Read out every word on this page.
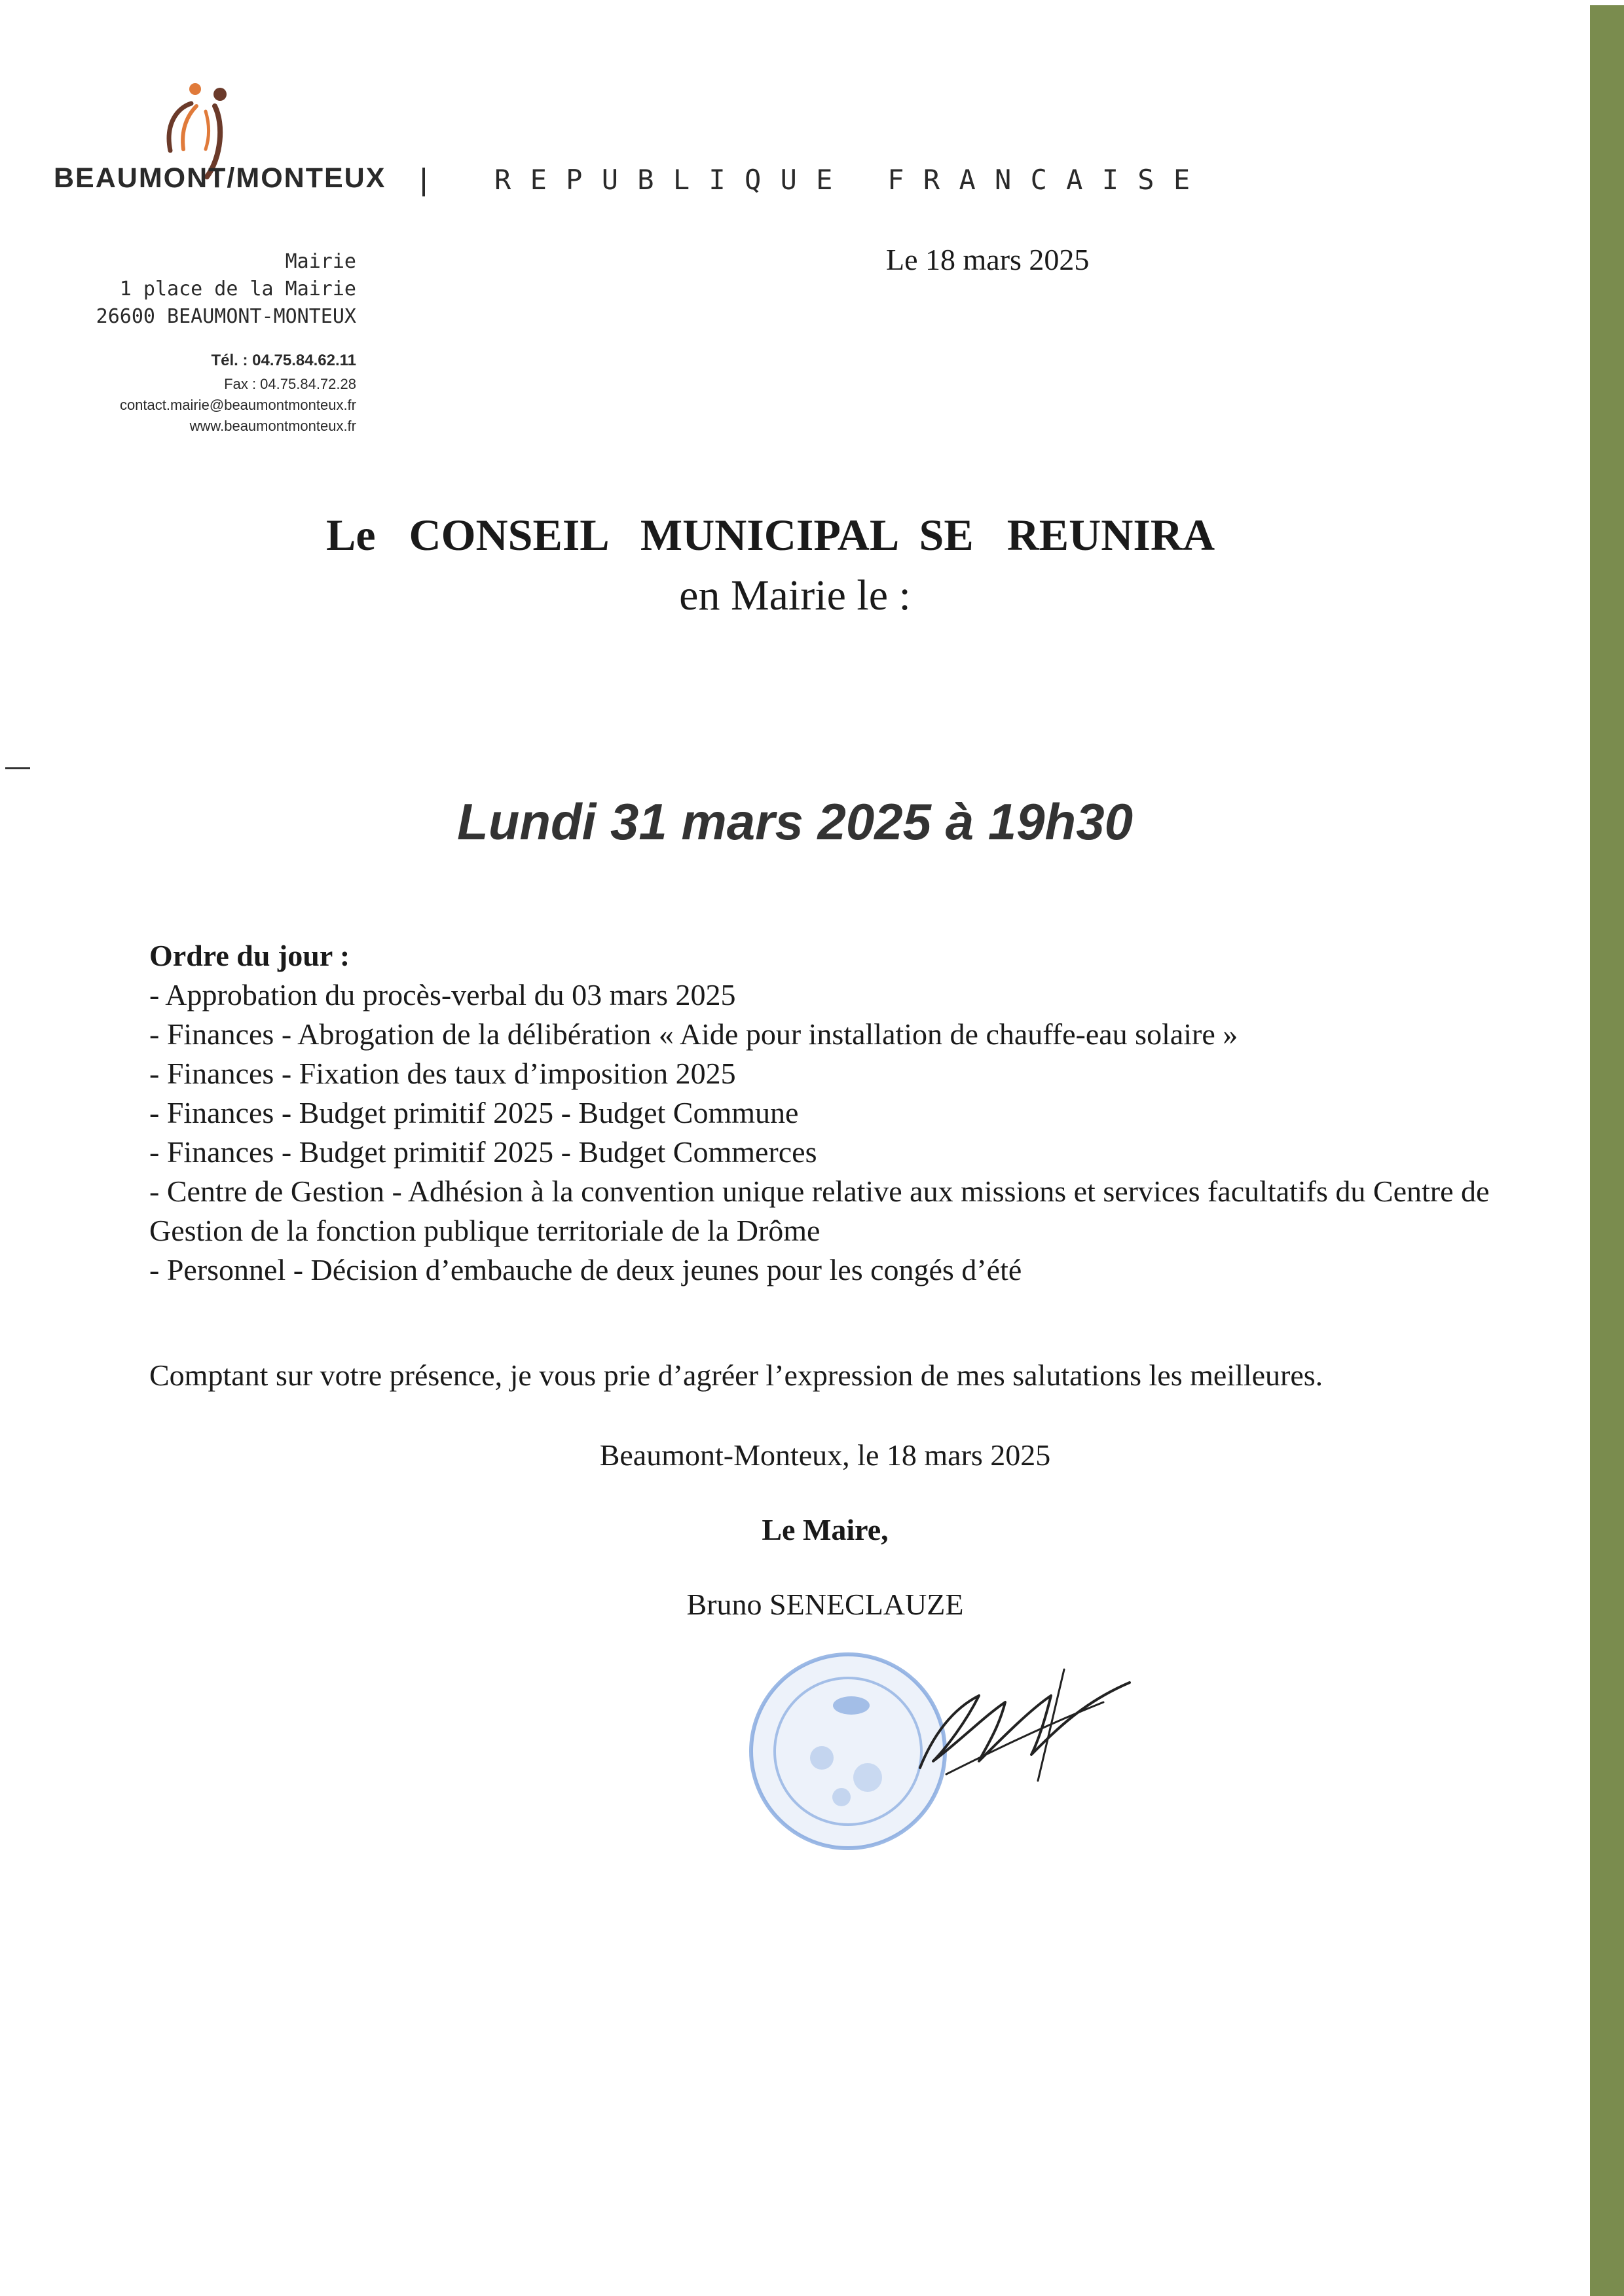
BEAUMONT/MONTEUX	R E P U B L I Q U E   F R A N C A I S E
Mairie
1 place de la Mairie
26600 BEAUMONT-MONTEUX
Tél. : 04.75.84.62.11
Fax : 04.75.84.72.28
contact.mairie@beaumontmonteux.fr
www.beaumontmonteux.fr
Le 18 mars 2025
Le   CONSEIL   MUNICIPAL  SE   REUNIRA
en Mairie le :
Lundi 31 mars 2025 à 19h30
Ordre du jour :
- Approbation du procès-verbal du 03 mars 2025
- Finances - Abrogation de la délibération « Aide pour installation de chauffe-eau solaire »
- Finances - Fixation des taux d’imposition 2025
- Finances - Budget primitif 2025 - Budget Commune
- Finances - Budget primitif 2025 - Budget Commerces
- Centre de Gestion - Adhésion à la convention unique relative aux missions et services facultatifs du Centre de Gestion de la fonction publique territoriale de la Drôme
- Personnel - Décision d’embauche de deux jeunes pour les congés d’été
Comptant sur votre présence, je vous prie d’agréer l’expression de mes salutations les meilleures.
Beaumont-Monteux, le 18 mars 2025
Le Maire,
Bruno SENECLAUZE
